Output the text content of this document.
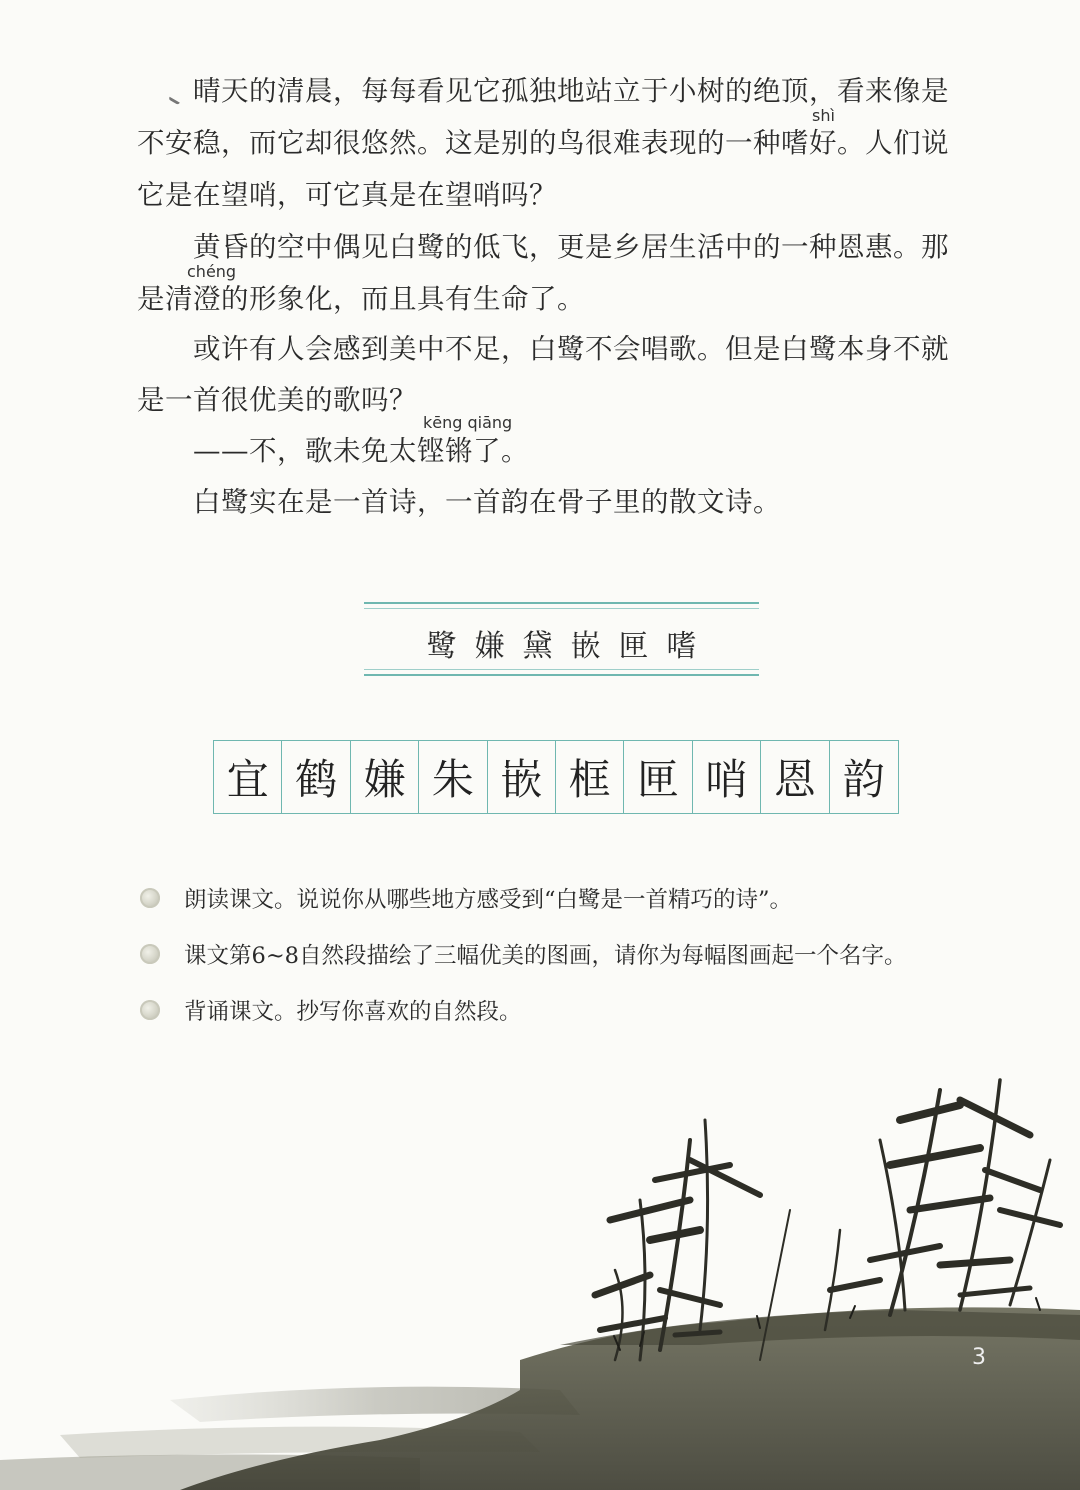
晴天的清晨，每每看见它孤独地站立于小树的绝顶，看来像是
不安稳，而它却很悠然。这是别的鸟很难表现的一种嗜好。人们说
shì
它是在望哨，可它真是在望哨吗？
黄昏的空中偶见白鹭的低飞，更是乡居生活中的一种恩惠。那
chéng
是清澄的形象化，而且具有生命了。
或许有人会感到美中不足，白鹭不会唱歌。但是白鹭本身不就
是一首很优美的歌吗？
kēng qiāng
——不，歌未免太铿锵了。
白鹭实在是一首诗，一首韵在骨子里的散文诗。
鹭嫌黛嵌匣嗜
宜 鹤 嫌 朱 嵌 框 匣 哨 恩 韵
朗读课文。说说你从哪些地方感受到“白鹭是一首精巧的诗”。
课文第6~8自然段描绘了三幅优美的图画，请你为每幅图画起一个名字。
背诵课文。抄写你喜欢的自然段。
3
